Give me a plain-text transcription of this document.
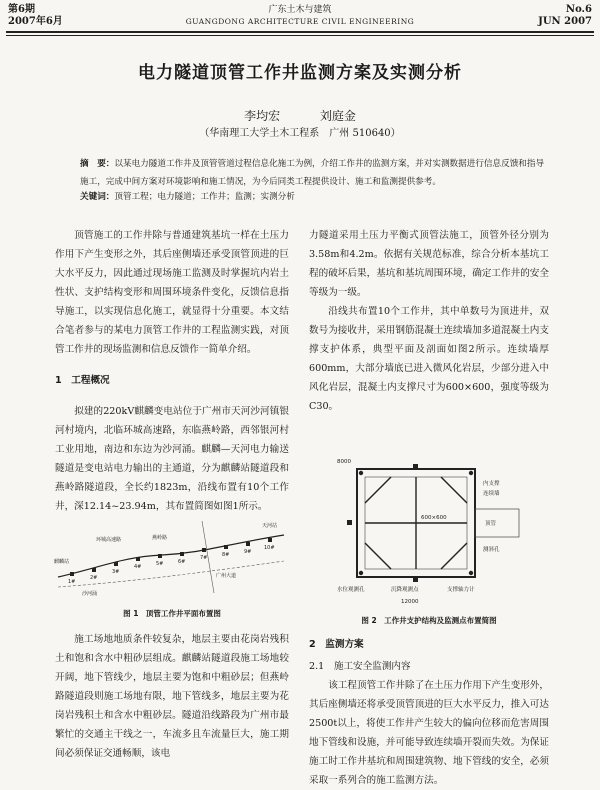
第6期
2007年6月
广东土木与建筑
GUANGDONG ARCHITECTURE CIVIL ENGINEERING
No.6
JUN 2007
电力隧道顶管工作井监测方案及实测分析
李均宏	刘庭金
（华南理工大学土木工程系　广州 510640）
摘　要：以某电力隧道工作井及顶管管道过程信息化施工为例，介绍工作井的监测方案，并对实测数据进行信息反馈和指导施工，完成中间方案对环境影响和施工情况，为今后同类工程提供设计、施工和监测提供参考。
关键词：顶管工程；电力隧道；工作井；监测；实测分析

顶管施工的工作井除与普通建筑基坑一样在土压力作用下产生变形之外，其后座侧墙还承受顶管顶进的巨大水平反力，因此通过现场施工监测及时掌握坑内岩土性状、支护结构变形和周围环境条件变化，反馈信息指导施工，以实现信息化施工，就显得十分重要。本文结合笔者参与的某电力顶管工作井的工程监测实践，对顶管工作井的现场监测和信息反馈作一简单介绍。

1　工程概况

拟建的220kV麒麟变电站位于广州市天河沙河镇银河村境内，北临环城高速路，东临燕岭路，西邻银河村工业用地，南边和东边为沙河涌。麒麟—天河电力输送隧道是变电站电力输出的主通道，分为麒麟站隧道段和燕岭路隧道段，全长约1823m，沿线布置有10个工作井，深12.14~23.94m，其布置简图如图1所示。

麒麟站
燕岭路
天河站
沙河涌
广州大道
环城高速路
1#
2#
3#
4#	5#	6#
7#	8#	9#
10#
图 1　顶管工作井平面布置图

施工场地地质条件较复杂，地层主要由花岗岩残积土和饱和含水中粗砂层组成。麒麟站隧道段施工场地较开阔，地下管线少，地层主要为饱和中粗砂层；但燕岭路隧道段则施工场地有限，地下管线多，地层主要为花岗岩残积土和含水中粗砂层。隧道沿线路段为广州市最繁忙的交通主干线之一，车流多且车流量巨大，施工期间必须保证交通畅顺，该电

力隧道采用土压力平衡式顶管法施工，顶管外径分别为3.58m和4.2m。依据有关规范标准，综合分析本基坑工程的破坏后果，基坑和基坑周围环境，确定工作井的安全等级为一级。

沿线共布置10个工作井，其中单数号为顶进井，双数号为接收井，采用钢筋混凝土连续墙加多道混凝土内支撑支护体系，典型平面及剖面如图2所示。连续墙厚600mm，大部分墙底已进入微风化岩层，少部分进入中风化岩层，混凝土内支撑尺寸为600×600，强度等级为C30。

内支撑
连续墙
顶管
测斜孔
水位观测孔	沉降观测点	支撑轴力计
600×600
12000
8000
图 2　工作井支护结构及监测点布置简图
2　监测方案
2.1　施工安全监测内容

该工程顶管工作井除了在土压力作用下产生变形外，其后座侧墙还将承受顶管顶进的巨大水平反力，推入可达2500t以上，将使工作井产生较大的偏向位移而危害周围地下管线和设施，并可能导致连续墙开裂而失效。为保证施工时工作井基坑和周围建筑物、地下管线的安全，必须采取一系列合的施工监测方法。
